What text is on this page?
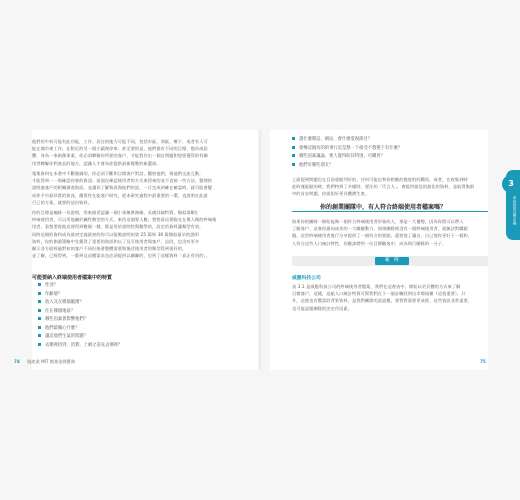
他們的牛奶可能有此功能，工作、居住的地方可能不同，包括市區、郊區、鄉下，或者有人可
能在城市裡工作，在附近的另一個小鎮裡停車；甚至要的是，他們都有不同的目標、抱負或恐
懼，身為一家新創事業，你必須瞭解你所要的客戶，才能寫作出一個自問題和想要獲得的有關
用者瞭解你們產品的地方，認識人才會為你提供最新趨勢的新選項。
蒐集資料在本書中不斷強調的，你必須不斷和目標客戶對話，觀察他們，與他們交流互動，
才能得到一一與確認你會的資訊；前面在確認使用者的方式來得來的並不直接一些方法，整理的
說明過客戶的相關調查資訊，並讓你了解資訊與他們的話，一旦完成初確在確認時，就可能會變
成你手中最珍貴的資訊，優質性在能客戶研究，從本研究過程中最重要的一環，也說明在此最
行已的方案，就要的這份資料。
你的目標是編排一份說明，用來描述認識一個小事無實務確，具備詳細特質，類似第8的
終端使用者，可以用他屬於屬性類型的方式，來找這個要人數，想想看這著眼光在與人類的終端使
用者，看想要從他這裡得到數個一樣，都是用於說明性與數學的，設定的資料讓類型有效，
同時這個的資料成為最初定義最初的你可以能夠說明的第 25 篇和 36 篇類似最早的說明
資料，你的創業策略中先獲得了重要的資訊和以了及可使用者與客戶，這段，也沒有更多
顯示各方面經過對初的客戶不同但接著整體需要與描述使用者的類型得到很好的，
並了解，已經得到，一都到及這種需求也必須提供以關聯的，也到了這樣資料「真正有用的」。
可能要納入終端使用者檔案中的特質
性別？
年齡層？
收入及在哪個範圍？
住在哪個地區？
哪些因素會影響他們？
他們最關心什麼？
讓這他們生氣的問題？
去哪裡找到、消費，上網之前先去哪裡？
74 做產業 MIT 創業金錢寶典
讀什麼雜誌、網站，會什麼電視節目？
會傳這個為的的事行這是想一下接受不想變下有什麼？
哪些因素讓論，要人覺得助其特別，可購買？
他們有哪些朋友？
上面提到問題也在目前重點列好的，任何可能也和你相應的態度的的購買，或者，在收集到時
此時運區點的時，我們特到了多樣時，要注的「代言人」，會提供最佳的最佳的資料，並取得集群
中的首步問題，你就很好更具體潛生產。
你的創業團隊中，有人符合終端使用者檔案嗎？
如果你的團隊一開始能夠一個符合終端使用者形象的人，那是一大優勢，因為你將可以帶入
了解客戶、這會你通向成功的一大關鍵動力，如果團隊裡沒有一個終端使用者，就無法對購銷
盤，這型終端使用者進行分享提供了一個符合的要點，還要從了讓自，自己使你更好下一個和，
人符合這些人口統計特性，你應該聘用一位目標顧客中，成為執行團隊的一分子。
範　例
威應科技公司
表 3.1 是威應科技公司的終端使用者檔案，我們在這裡表中，開始以更貝體的方式來了解
目標客戶，這樣，這組人口統計特質可幫我們在下一個步驟找到出市場規模（這很重要），只
升，這裡也有豐富的背景資料，是我們團隊的試造應，要我對需要更成經，這些資訊非常重要，
也可能是跟團隊的決定作因素。
75
3
尋找你的目標市場
